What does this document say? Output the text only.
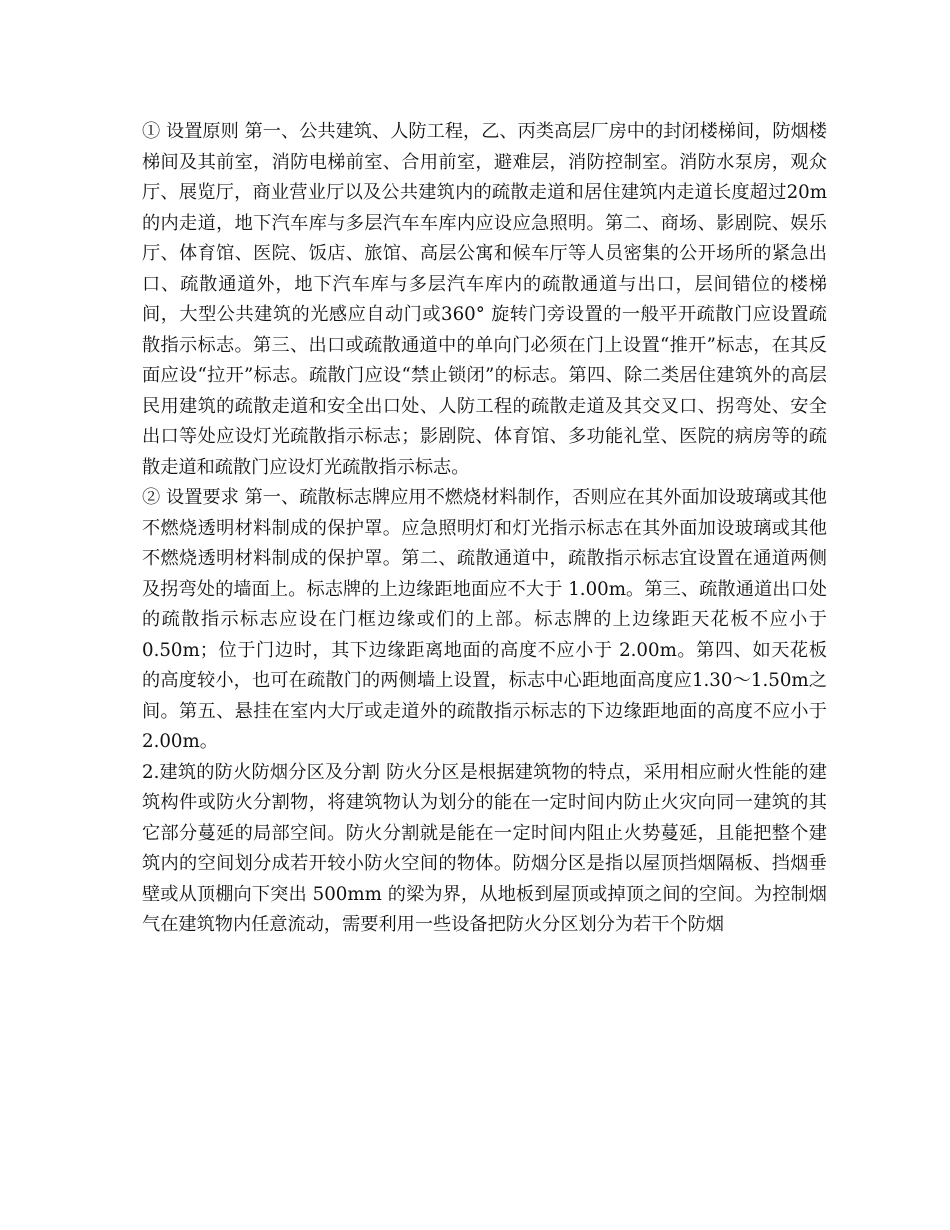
① 设置原则 第一、公共建筑、人防工程，乙、丙类高层厂房中的封闭楼梯间，防烟楼梯间及其前室，消防电梯前室、合用前室，避难层，消防控制室。消防水泵房，观众厅、展览厅，商业营业厅以及公共建筑内的疏散走道和居住建筑内走道长度超过20m的内走道，地下汽车库与多层汽车车库内应设应急照明。第二、商场、影剧院、娱乐厅、体育馆、医院、饭店、旅馆、高层公寓和候车厅等人员密集的公开场所的紧急出口、疏散通道外，地下汽车库与多层汽车库内的疏散通道与出口，层间错位的楼梯间，大型公共建筑的光感应自动门或360° 旋转门旁设置的一般平开疏散门应设置疏散指示标志。第三、出口或疏散通道中的单向门必须在门上设置“推开”标志，在其反面应设“拉开”标志。疏散门应设“禁止锁闭”的标志。第四、除二类居住建筑外的高层民用建筑的疏散走道和安全出口处、人防工程的疏散走道及其交叉口、拐弯处、安全出口等处应设灯光疏散指示标志；影剧院、体育馆、多功能礼堂、医院的病房等的疏散走道和疏散门应设灯光疏散指示标志。

② 设置要求 第一、疏散标志牌应用不燃烧材料制作，否则应在其外面加设玻璃或其他不燃烧透明材料制成的保护罩。应急照明灯和灯光指示标志在其外面加设玻璃或其他不燃烧透明材料制成的保护罩。第二、疏散通道中，疏散指示标志宜设置在通道两侧及拐弯处的墙面上。标志牌的上边缘距地面应不大于 1.00m。第三、疏散通道出口处的疏散指示标志应设在门框边缘或们的上部。标志牌的上边缘距天花板不应小于 0.50m；位于门边时，其下边缘距离地面的高度不应小于 2.00m。第四、如天花板的高度较小，也可在疏散门的两侧墙上设置，标志中心距地面高度应1.30～1.50m之间。第五、悬挂在室内大厅或走道外的疏散指示标志的下边缘距地面的高度不应小于 2.00m。

2.建筑的防火防烟分区及分割 防火分区是根据建筑物的特点，采用相应耐火性能的建筑构件或防火分割物，将建筑物认为划分的能在一定时间内防止火灾向同一建筑的其它部分蔓延的局部空间。防火分割就是能在一定时间内阻止火势蔓延，且能把整个建筑内的空间划分成若开较小防火空间的物体。防烟分区是指以屋顶挡烟隔板、挡烟垂壁或从顶棚向下突出 500mm 的梁为界，从地板到屋顶或掉顶之间的空间。为控制烟气在建筑物内任意流动，需要利用一些设备把防火分区划分为若干个防烟
